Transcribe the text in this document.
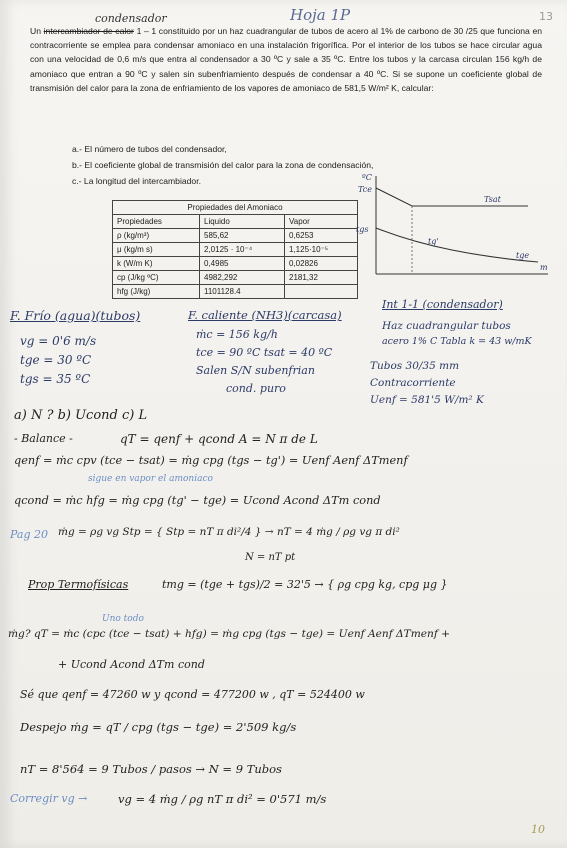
13
Hoja 1P
condensador
Un intercambiador de calor 1 – 1 constituido por un haz cuadrangular de tubos de acero al 1% de carbono de 30 /25 que funciona en contracorriente se emplea para condensar amoniaco en una instalación frigorífica. Por el interior de los tubos se hace circular agua con una velocidad de 0,6 m/s que entra al condensador a 30 ºC y sale a 35 ºC. Entre los tubos y la carcasa circulan 156 kg/h de amoniaco que entran a 90 ºC y salen sin subenfriamiento después de condensar a 40 ºC. Si se supone un coeficiente global de transmisión del calor para la zona de enfriamiento de los vapores de amoniaco de 581,5 W/m² K, calcular:
a.- El número de tubos del condensador,
b.- El coeficiente global de transmisión del calor para la zona de condensación,
c.- La longitud del intercambiador.
Propiedades del Amoniaco		
Propiedades	Liquido	Vapor
ρ (kg/m³)	585,62	0,6253
μ (kg/m s)	2,0125 · 10⁻⁴	1,125·10⁻⁵
k (W/m K)	0,4985	0,02826
cp (J/kg ºC)	4982,292	2181,32
hfg (J/kg)	1101128.4	
ºC
Tce
Tsat
tgs
tg'
tge
m
F. Frío (agua)(tubos)
vg = 0'6 m/s
tge = 30 ºC
tgs = 35 ºC
F. caliente (NH3)(carcasa)
ṁc = 156 kg/h
tce = 90 ºC tsat = 40 ºC
Salen S/N subenfrian
cond. puro
Int 1-1 (condensador)
Haz cuadrangular tubos
acero 1% C Tabla k = 43 w/mK
Tubos 30/35 mm
Contracorriente
Uenf = 581'5 W/m² K
a) N ? b) Ucond c) L
- Balance -	qT = qenf + qcond A = N π de L
qenf = ṁc cpv (tce − tsat) = ṁg cpg (tgs − tg') = Uenf Aenf ΔTmenf
sigue en vapor el amoniaco
qcond = ṁc hfg = ṁg cpg (tg' − tge) = Ucond Acond ΔTm cond
Pag 20 ṁg = ρg vg Stp = { Stp = nT π di²/4 } → nT = 4 ṁg / ρg vg π di²
N = nT pt
Prop Termofísicas	tmg = (tge + tgs)/2 = 32'5 → { ρg cpg kg, cpg μg }
Uno todo
ṁg? qT = ṁc (cpc (tce − tsat) + hfg) = ṁg cpg (tgs − tge) = Uenf Aenf ΔTmenf +
+ Ucond Acond ΔTm cond
Sé que qenf = 47260 w y qcond = 477200 w , qT = 524400 w
Despejo ṁg = qT / cpg (tgs − tge) = 2'509 kg/s
nT = 8'564 = 9 Tubos / pasos → N = 9 Tubos
Corregir vg →	vg = 4 ṁg / ρg nT π di² = 0'571 m/s
10
